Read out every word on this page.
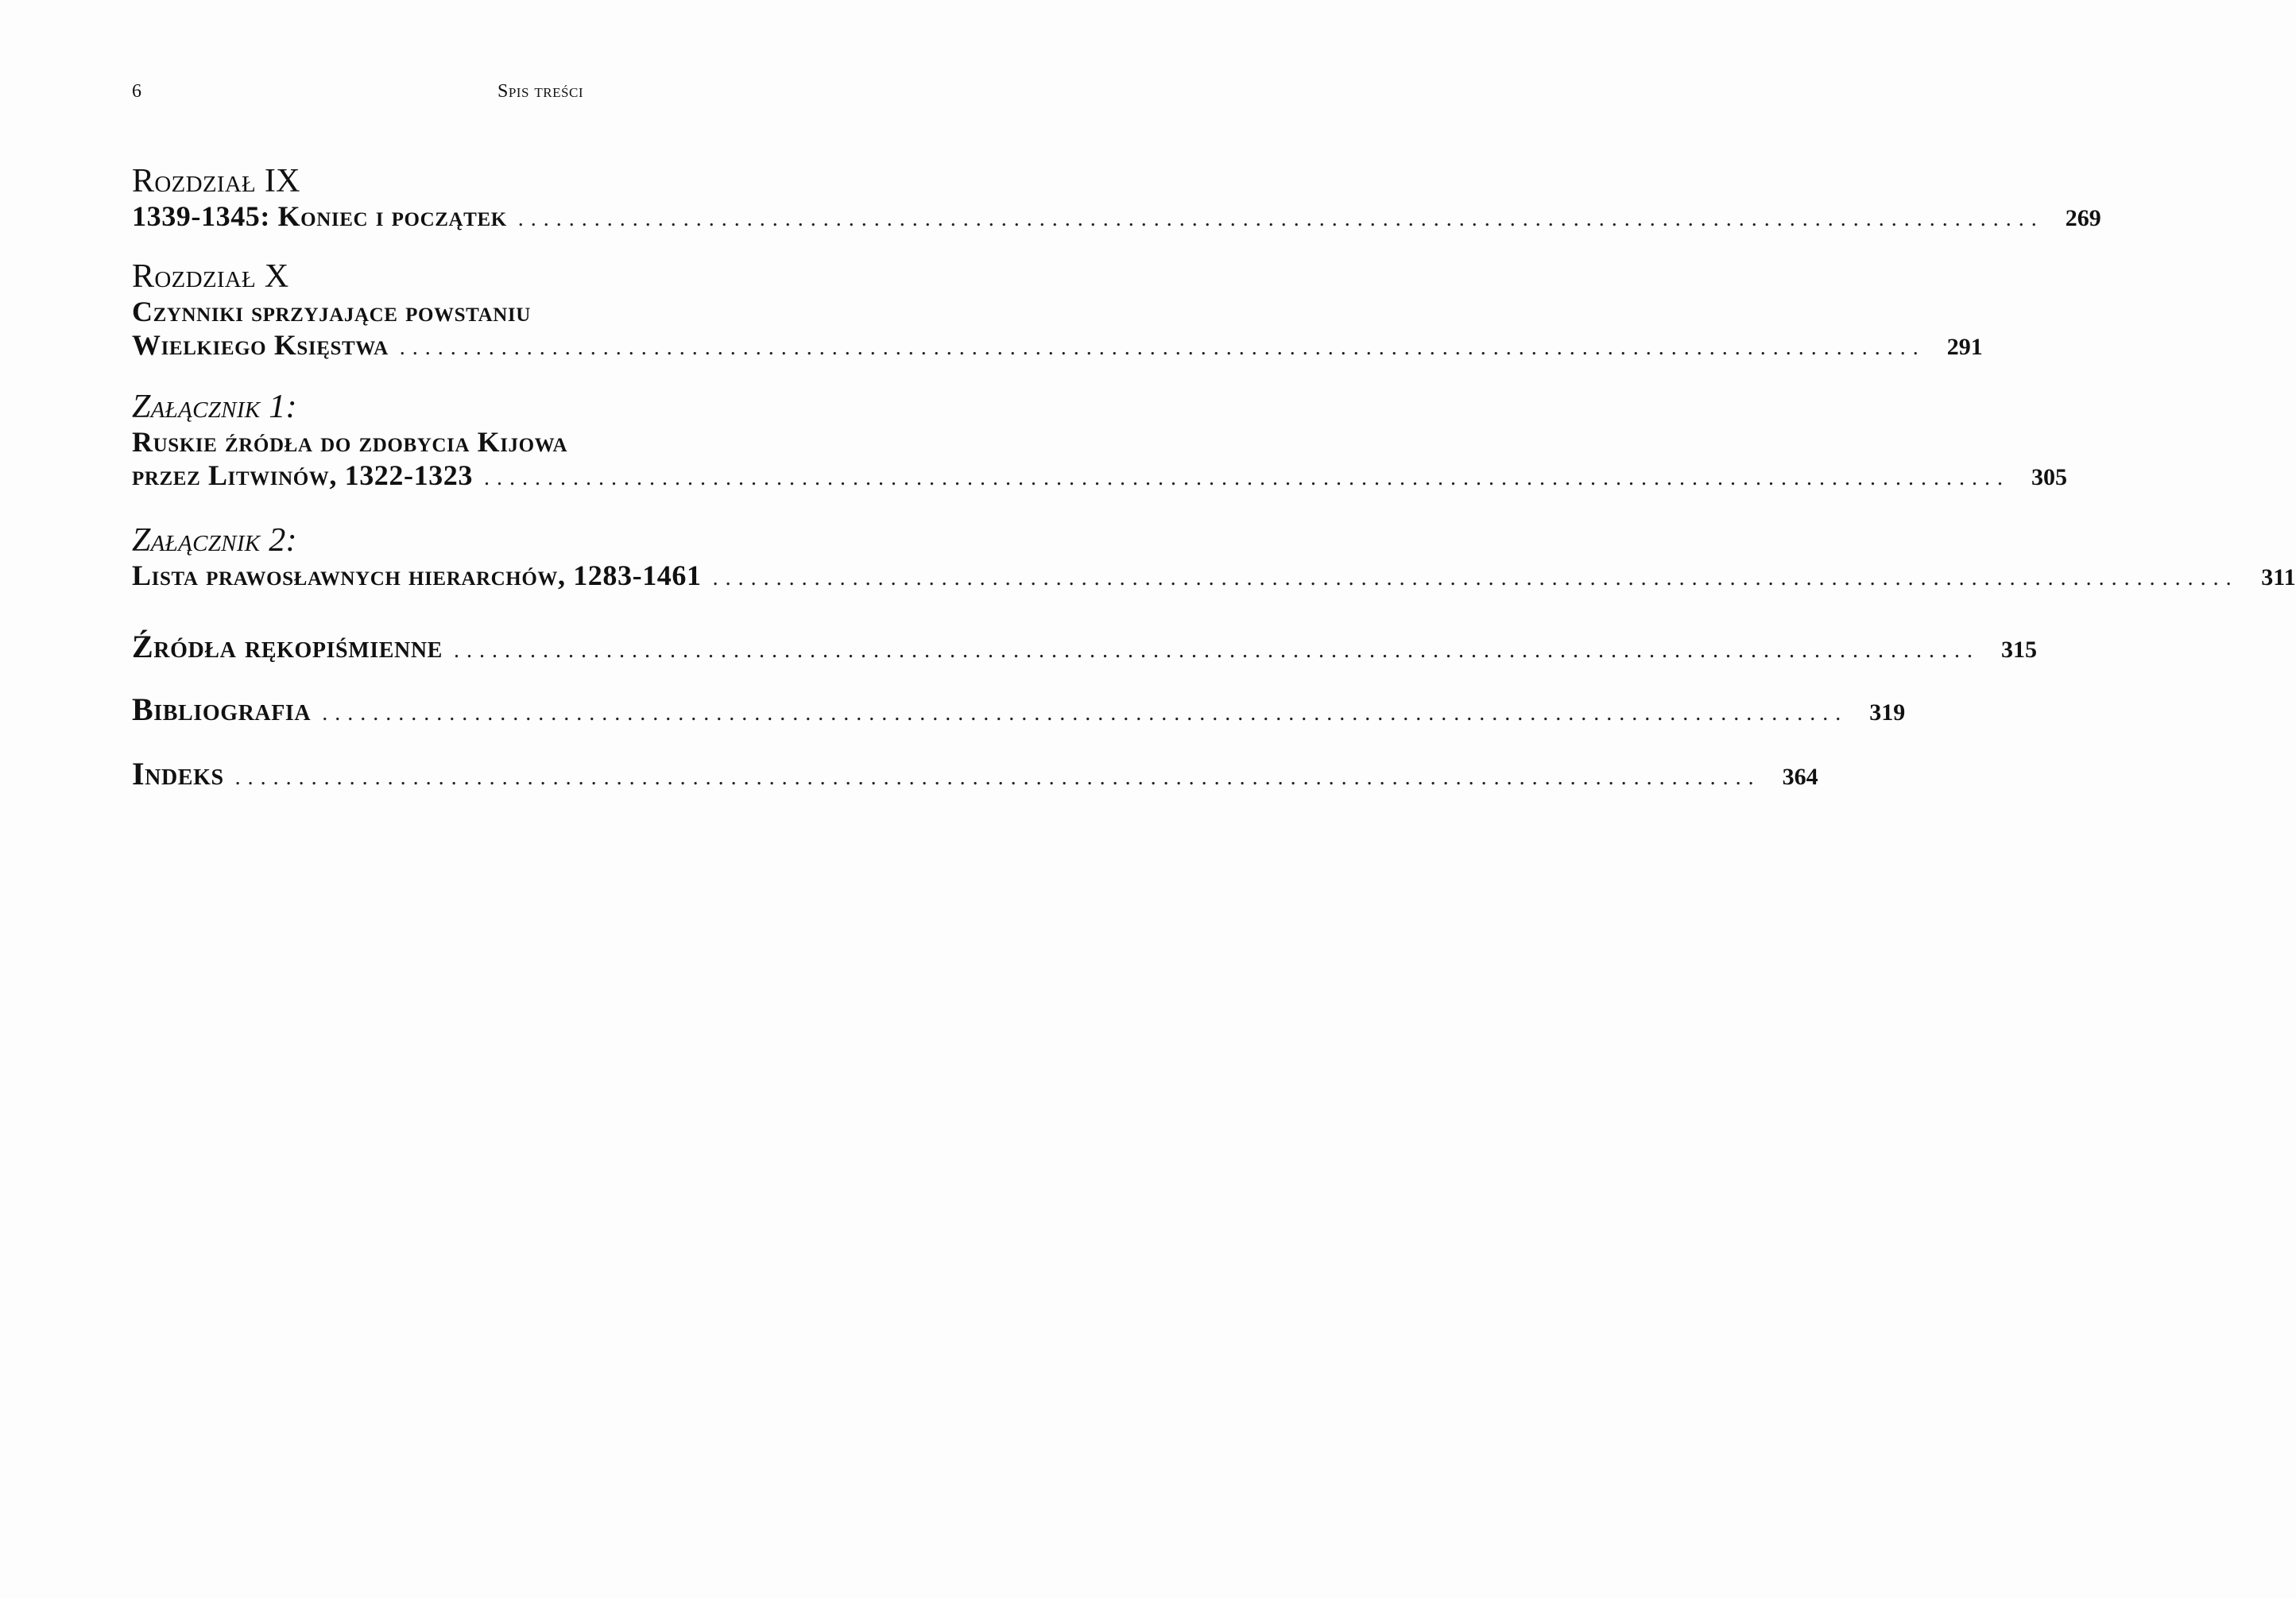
6	Spis treści
Rozdział IX
1339-1345: Koniec i początek ........................................................................................................................ 269
Rozdział X
Czynniki sprzyjające powstaniu
Wielkiego Księstwa ........................................................................................................................ 291
Załącznik 1:
Ruskie źródła do zdobycia Kijowa
przez Litwinów, 1322-1323 ........................................................................................................................ 305
Załącznik 2:
Lista prawosławnych hierarchów, 1283-1461 ........................................................................................................................ 311
Źródła rękopiśmienne ........................................................................................................................ 315
Bibliografia ........................................................................................................................ 319
Indeks ........................................................................................................................ 364
